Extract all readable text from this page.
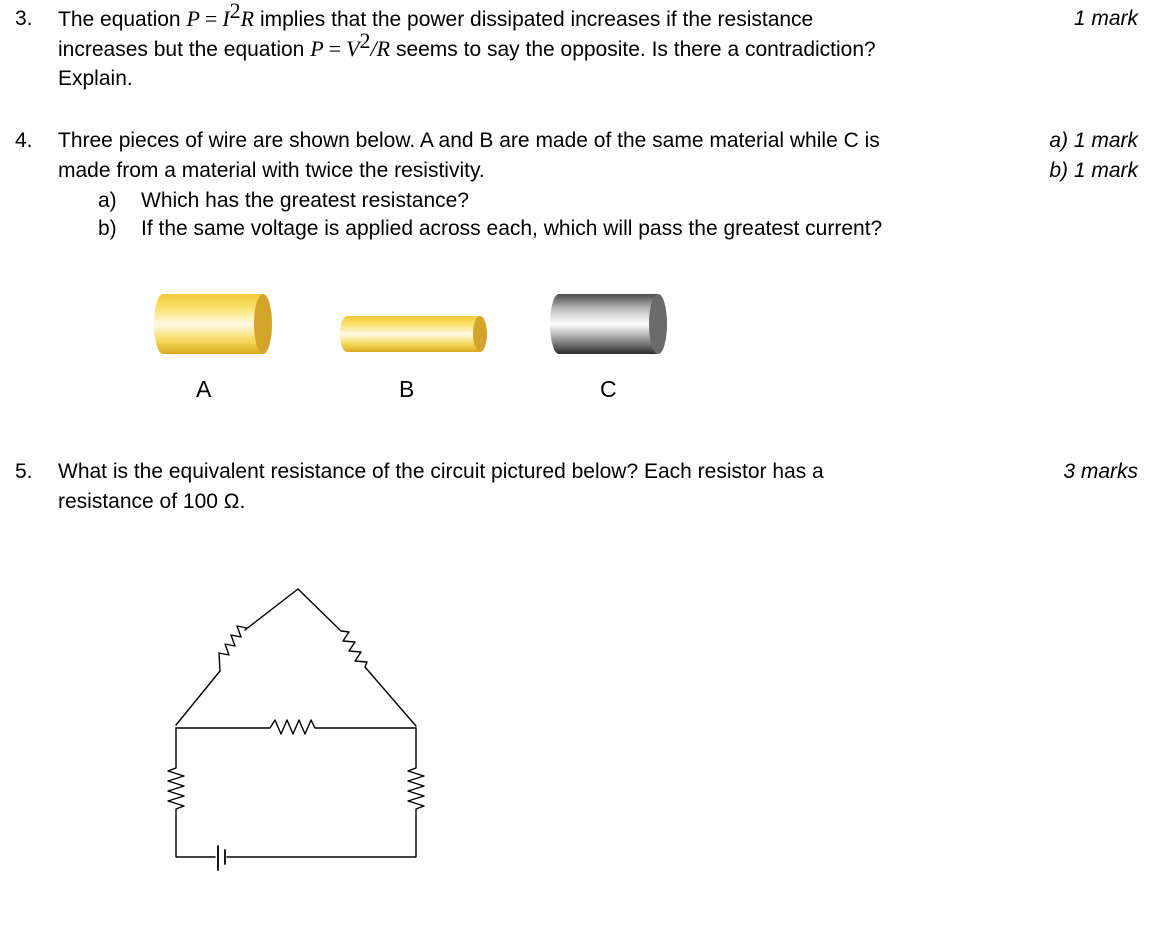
3. The equation $P = I^2R$ implies that the power dissipated increases if the resistance
increases but the equation $P = V^2/R$ seems to say the opposite. Is there a contradiction?
Explain.
1 mark
4. Three pieces of wire are shown below. A and B are made of the same material while C is
made from a material with twice the resistivity.
a) Which has the greatest resistance?
b) If the same voltage is applied across each, which will pass the greatest current?
a) 1 mark
b) 1 mark
A	B	C
5. What is the equivalent resistance of the circuit pictured below? Each resistor has a
resistance of 100 Ω.
3 marks
